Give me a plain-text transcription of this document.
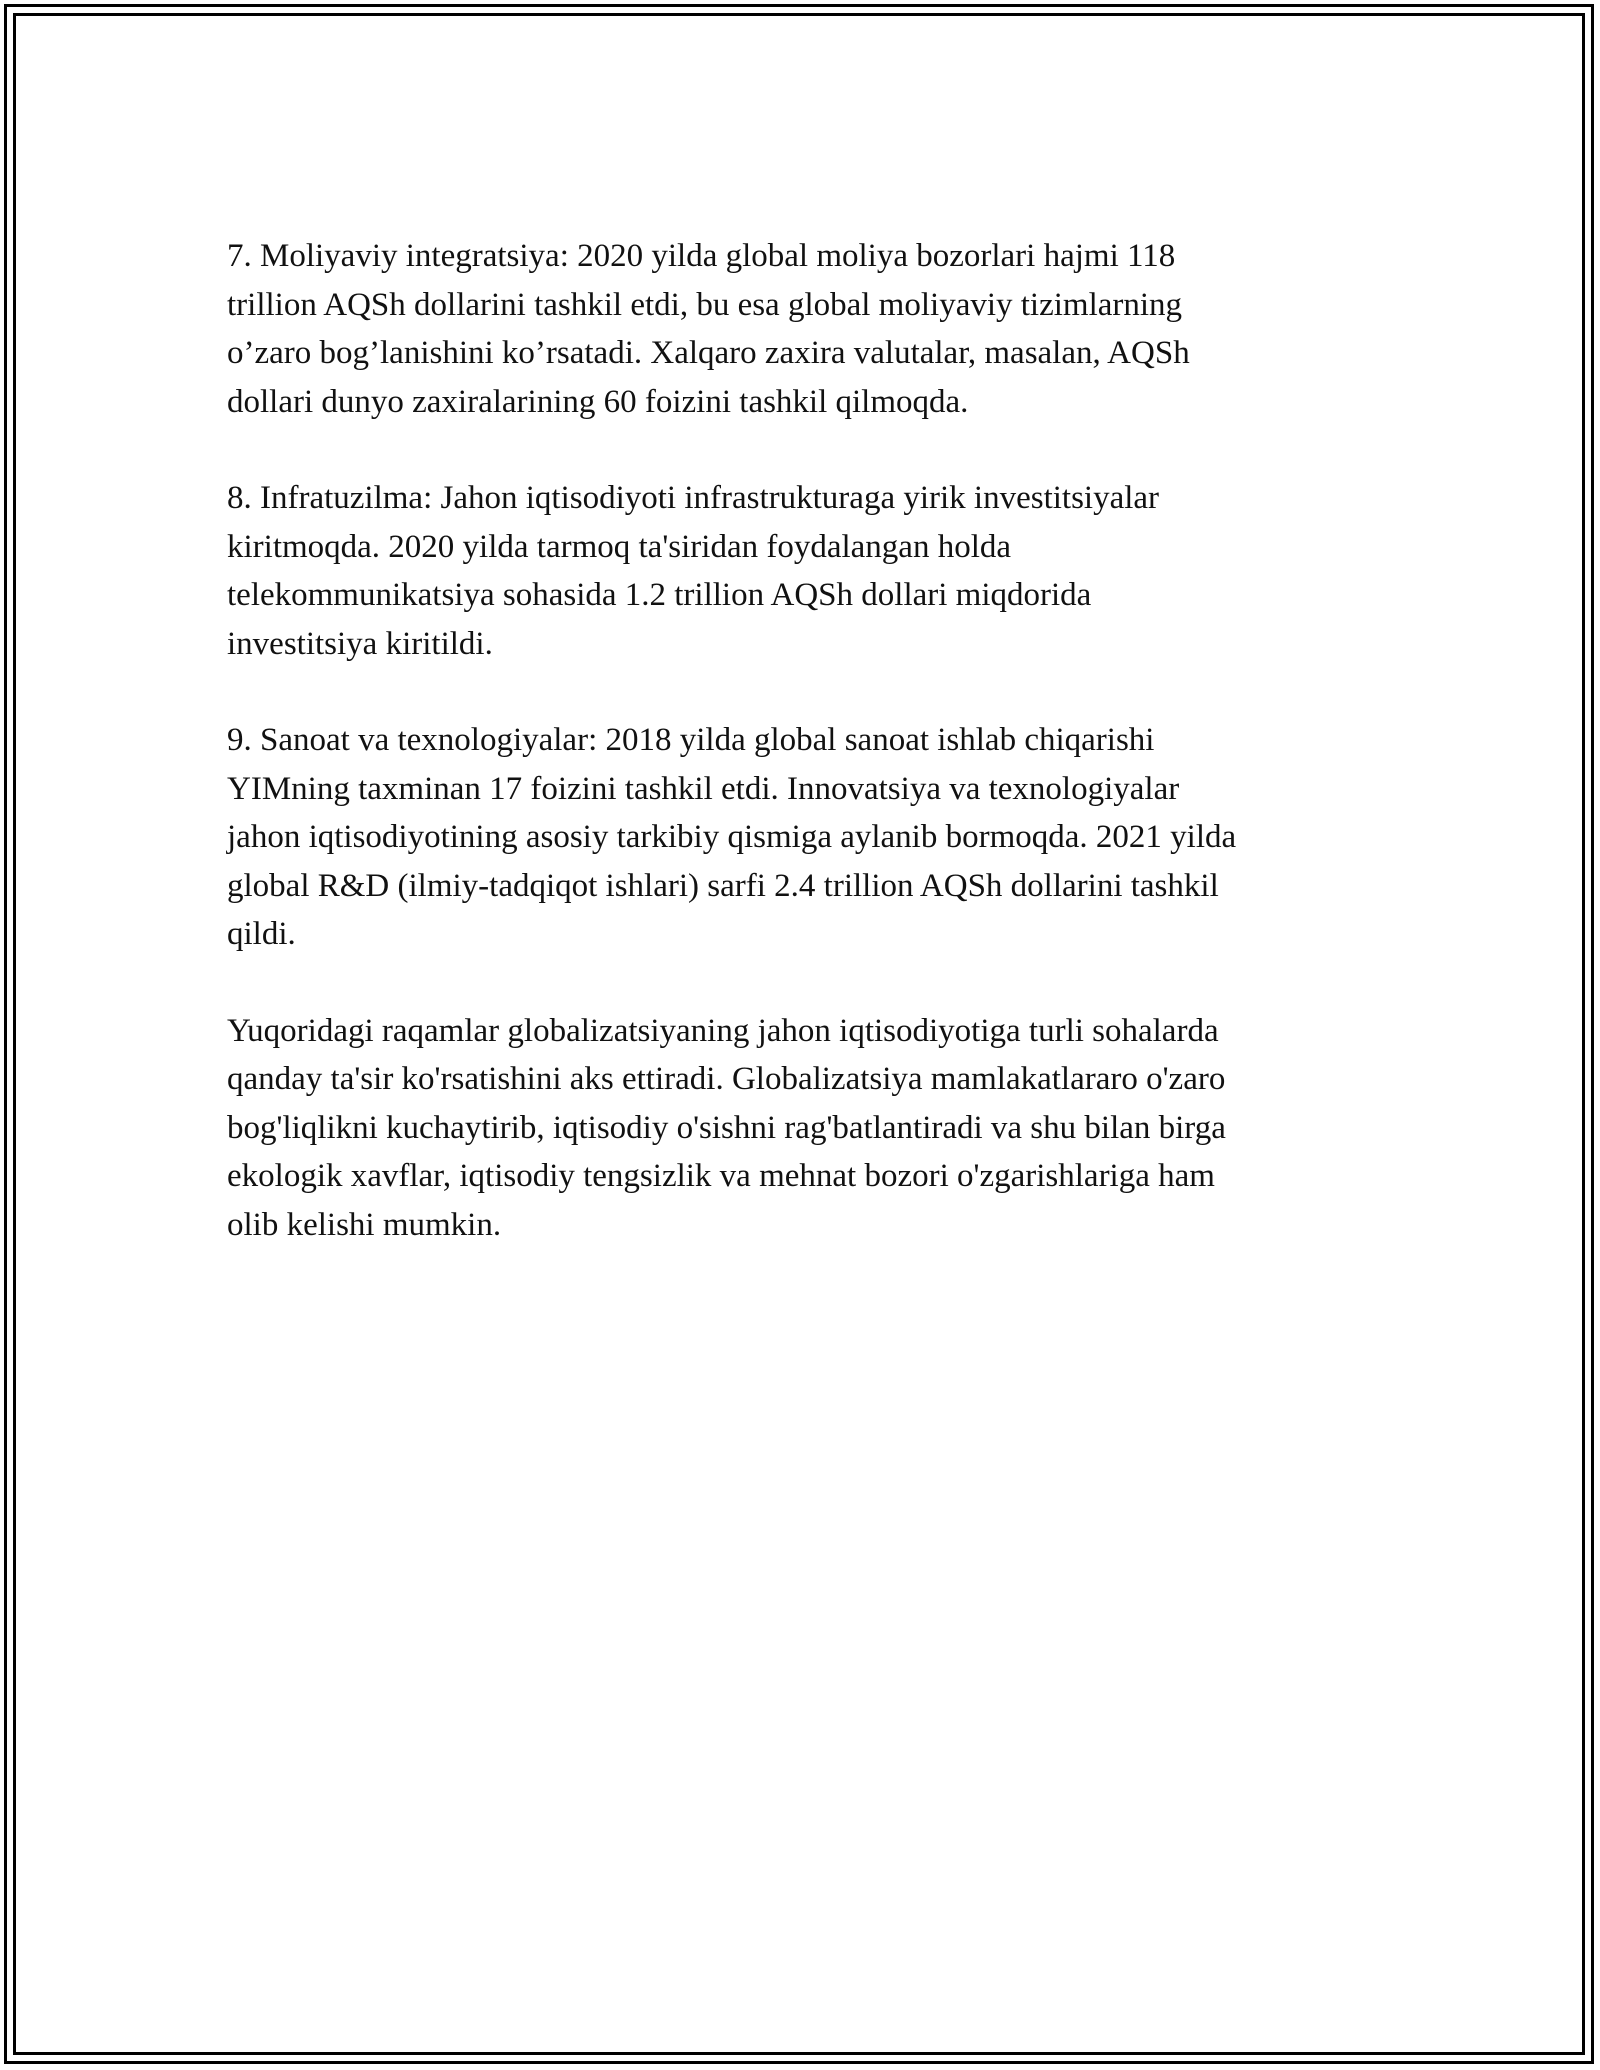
7. Moliyaviy integratsiya: 2020 yilda global moliya bozorlari hajmi 118
trillion AQSh dollarini tashkil etdi, bu esa global moliyaviy tizimlarning
o’zaro bog’lanishini ko’rsatadi. Xalqaro zaxira valutalar, masalan, AQSh
dollari dunyo zaxiralarining 60 foizini tashkil qilmoqda.

8. Infratuzilma: Jahon iqtisodiyoti infrastrukturaga yirik investitsiyalar
kiritmoqda. 2020 yilda tarmoq ta'siridan foydalangan holda
telekommunikatsiya sohasida 1.2 trillion AQSh dollari miqdorida
investitsiya kiritildi.

9. Sanoat va texnologiyalar: 2018 yilda global sanoat ishlab chiqarishi
YIMning taxminan 17 foizini tashkil etdi. Innovatsiya va texnologiyalar
jahon iqtisodiyotining asosiy tarkibiy qismiga aylanib bormoqda. 2021 yilda
global R&D (ilmiy-tadqiqot ishlari) sarfi 2.4 trillion AQSh dollarini tashkil
qildi.

Yuqoridagi raqamlar globalizatsiyaning jahon iqtisodiyotiga turli sohalarda
qanday ta'sir ko'rsatishini aks ettiradi. Globalizatsiya mamlakatlararo o'zaro
bog'liqlikni kuchaytirib, iqtisodiy o'sishni rag'batlantiradi va shu bilan birga
ekologik xavflar, iqtisodiy tengsizlik va mehnat bozori o'zgarishlariga ham
olib kelishi mumkin.
